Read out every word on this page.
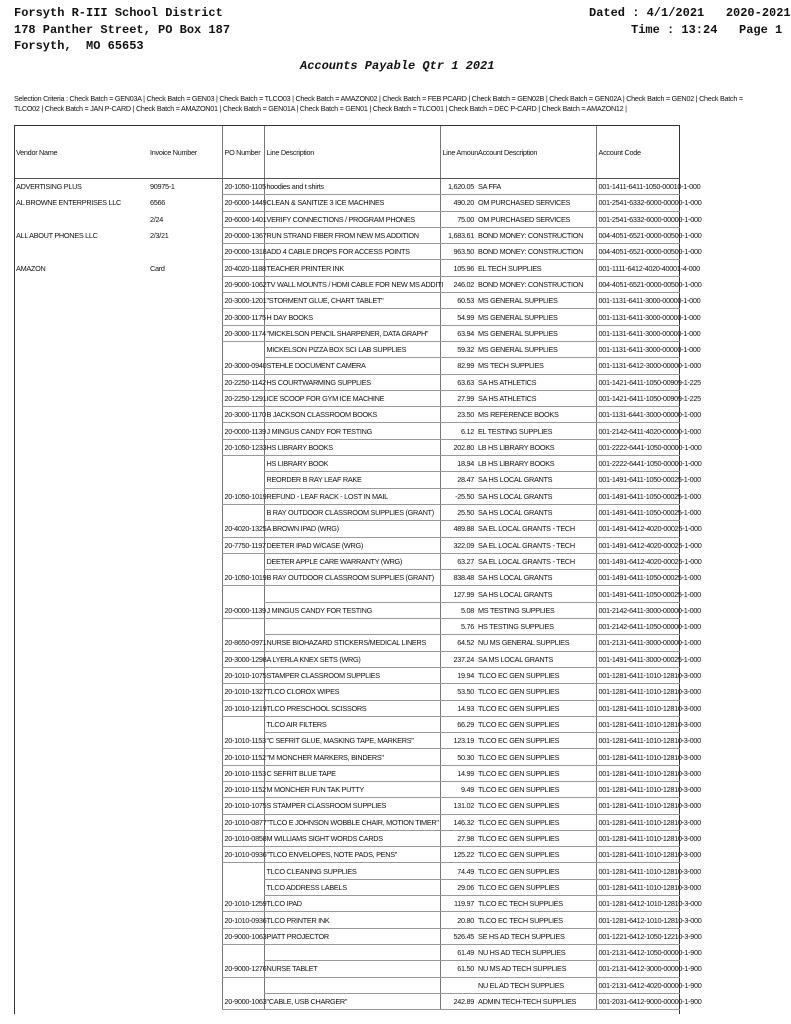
Forsyth R-III School District
178 Panther Street, PO Box 187
Forsyth,  MO 65653
Dated : 4/1/2021   2020-2021
Time : 13:24   Page 1
Accounts Payable Qtr 1 2021
Selection Criteria : Check Batch = GEN03A | Check Batch = GEN03 | Check Batch = TLCO03 | Check Batch = AMAZON02 | Check Batch = FEB PCARD | Check Batch = GEN02B | Check Batch = GEN02A | Check Batch = GEN02 | Check Batch = TLCO02 | Check Batch = JAN P-CARD | Check Batch = AMAZON01 | Check Batch = GEN01A | Check Batch = GEN01 | Check Batch = TLCO01 | Check Batch = DEC P-CARD | Check Batch = AMAZON12 |
Vendor Name	Invoice Number	PO Number	Line Description	Line Amoun	Account Description	Account Code
ADVERTISING PLUS	90975-1	20-1050-1105	hoodies and t shirts	1,620.05	SA FFA	001-1411-6411-1050-00010-1-000
AL BROWNE ENTERPRISES LLC	6566	20-6000-1449	CLEAN & SANITIZE 3 ICE MACHINES	490.20	OM PURCHASED SERVICES	001-2541-6332-6000-00000-1-000
	2/24	20-6000-1401	VERIFY CONNECTIONS / PROGRAM PHONES	75.00	OM PURCHASED SERVICES	001-2541-6332-6000-00000-1-000
ALL ABOUT PHONES LLC	2/3/21	20-0000-1367	RUN STRAND FIBER FROM NEW MS ADDITION	1,683.61	BOND MONEY: CONSTRUCTION	004-4051-6521-0000-00500-1-000
		20-0000-1318	ADD 4 CABLE DROPS FOR ACCESS POINTS	963.50	BOND MONEY: CONSTRUCTION	004-4051-6521-0000-00500-1-000
AMAZON	Card	20-4020-1188	TEACHER PRINTER INK	105.96	EL TECH SUPPLIES	001-1111-6412-4020-40001-4-000
		20-9000-1062	TV WALL MOUNTS / HDMI CABLE FOR NEW MS ADDITI	246.02	BOND MONEY: CONSTRUCTION	004-4051-6521-0000-00500-1-000
		20-3000-1201	"STORMENT GLUE, CHART TABLET"	60.53	MS GENERAL SUPPLIES	001-1131-6411-3000-00000-1-000
		20-3000-1175	H DAY BOOKS	54.99	MS GENERAL SUPPLIES	001-1131-6411-3000-00000-1-000
		20-3000-1174	"MICKELSON PENCIL SHARPENER, DATA GRAPH"	63.94	MS GENERAL SUPPLIES	001-1131-6411-3000-00000-1-000
			MICKELSON PIZZA BOX SCI LAB SUPPLIES	59.32	MS GENERAL SUPPLIES	001-1131-6411-3000-00000-1-000
		20-3000-0940	STEHLE DOCUMENT CAMERA	82.99	MS TECH SUPPLIES	001-1131-6412-3000-00000-1-000
		20-2250-1142	HS COURTWARMING SUPPLIES	63.63	SA HS ATHLETICS	001-1421-6411-1050-00909-1-225
		20-2250-1291	ICE SCOOP FOR GYM ICE MACHINE	27.99	SA HS ATHLETICS	001-1421-6411-1050-00909-1-225
		20-3000-1170	B JACKSON CLASSROOM BOOKS	23.50	MS REFERENCE BOOKS	001-1131-6441-3000-00000-1-000
		20-0000-1139	J MINGUS CANDY FOR TESTING	6.12	EL TESTING SUPPLIES	001-2142-6411-4020-00000-1-000
		20-1050-1233	HS LIBRARY BOOKS	202.80	LB HS LIBRARY BOOKS	001-2222-6441-1050-00000-1-000
			HS LIBRARY BOOK	18.94	LB HS LIBRARY BOOKS	001-2222-6441-1050-00000-1-000
			REORDER B RAY LEAF RAKE	28.47	SA HS LOCAL GRANTS	001-1491-6411-1050-00025-1-000
		20-1050-1019	REFUND - LEAF RACK - LOST IN MAIL	-25.50	SA HS LOCAL GRANTS	001-1491-6411-1050-00025-1-000
			B RAY OUTDOOR CLASSROOM SUPPLIES (GRANT)	25.50	SA HS LOCAL GRANTS	001-1491-6411-1050-00025-1-000
		20-4020-1325	A BROWN IPAD (WRG)	489.88	SA EL LOCAL GRANTS - TECH	001-1491-6412-4020-00025-1-000
		20-7750-1197	DEETER IPAD W/CASE (WRG)	322.09	SA EL LOCAL GRANTS - TECH	001-1491-6412-4020-00025-1-000
			DEETER APPLE CARE WARRANTY (WRG)	63.27	SA EL LOCAL GRANTS - TECH	001-1491-6412-4020-00025-1-000
		20-1050-1019	B RAY OUTDOOR CLASSROOM SUPPLIES (GRANT)	838.48	SA HS LOCAL GRANTS	001-1491-6411-1050-00025-1-000
				127.99	SA HS LOCAL GRANTS	001-1491-6411-1050-00025-1-000
		20-0000-1139	J MINGUS CANDY FOR TESTING	5.08	MS TESTING SUPPLIES	001-2142-6411-3000-00000-1-000
				5.76	HS TESTING SUPPLIES	001-2142-6411-1050-00000-1-000
		20-8650-0971	NURSE BIOHAZARD STICKERS/MEDICAL LINERS	64.52	NU MS GENERAL SUPPLIES	001-2131-6411-3000-00000-1-000
		20-3000-1298	A LYERLA KNEX SETS (WRG)	237.24	SA MS LOCAL GRANTS	001-1491-6411-3000-00025-1-000
		20-1010-1075	STAMPER CLASSROOM SUPPLIES	19.94	TLCO EC GEN SUPPLIES	001-1281-6411-1010-12810-3-000
		20-1010-1327	TLCO CLOROX WIPES	53.50	TLCO EC GEN SUPPLIES	001-1281-6411-1010-12810-3-000
		20-1010-1219	TLCO PRESCHOOL SCISSORS	14.93	TLCO EC GEN SUPPLIES	001-1281-6411-1010-12810-3-000
			TLCO AIR FILTERS	66.29	TLCO EC GEN SUPPLIES	001-1281-6411-1010-12810-3-000
		20-1010-1153	"C SEFRIT GLUE, MASKING TAPE, MARKERS"	123.19	TLCO EC GEN SUPPLIES	001-1281-6411-1010-12810-3-000
		20-1010-1152	"M MONCHER MARKERS, BINDERS"	50.30	TLCO EC GEN SUPPLIES	001-1281-6411-1010-12810-3-000
		20-1010-1153	C SEFRIT BLUE TAPE	14.99	TLCO EC GEN SUPPLIES	001-1281-6411-1010-12810-3-000
		20-1010-1152	M MONCHER FUN TAK PUTTY	9.49	TLCO EC GEN SUPPLIES	001-1281-6411-1010-12810-3-000
		20-1010-1075	S STAMPER CLASSROOM SUPPLIES	131.02	TLCO EC GEN SUPPLIES	001-1281-6411-1010-12810-3-000
		20-1010-0877	"TLCO E JOHNSON WOBBLE CHAIR, MOTION TIMER"	146.32	TLCO EC GEN SUPPLIES	001-1281-6411-1010-12810-3-000
		20-1010-0858	M WILLIAMS SIGHT WORDS CARDS	27.98	TLCO EC GEN SUPPLIES	001-1281-6411-1010-12810-3-000
		20-1010-0936	"TLCO ENVELOPES, NOTE PADS, PENS"	125.22	TLCO EC GEN SUPPLIES	001-1281-6411-1010-12810-3-000
			TLCO CLEANING SUPPLIES	74.49	TLCO EC GEN SUPPLIES	001-1281-6411-1010-12810-3-000
			TLCO ADDRESS LABELS	29.06	TLCO EC GEN SUPPLIES	001-1281-6411-1010-12810-3-000
		20-1010-1259	TLCO IPAD	119.97	TLCO EC TECH SUPPLIES	001-1281-6412-1010-12810-3-000
		20-1010-0936	TLCO PRINTER INK	20.80	TLCO EC TECH SUPPLIES	001-1281-6412-1010-12810-3-000
		20-9000-1063	PIATT PROJECTOR	526.45	SE HS AD TECH SUPPLIES	001-1221-6412-1050-12210-3-900
				61.49	NU HS AD TECH SUPPLIES	001-2131-6412-1050-00000-1-900
		20-9000-1276	NURSE TABLET	61.50	NU MS AD TECH SUPPLIES	001-2131-6412-3000-00000-1-900
					NU EL AD TECH SUPPLIES	001-2131-6412-4020-00000-1-900
		20-9000-1063	"CABLE, USB CHARGER"	242.89	ADMIN TECH-TECH SUPPLIES	001-2031-6412-9000-00000-1-900
